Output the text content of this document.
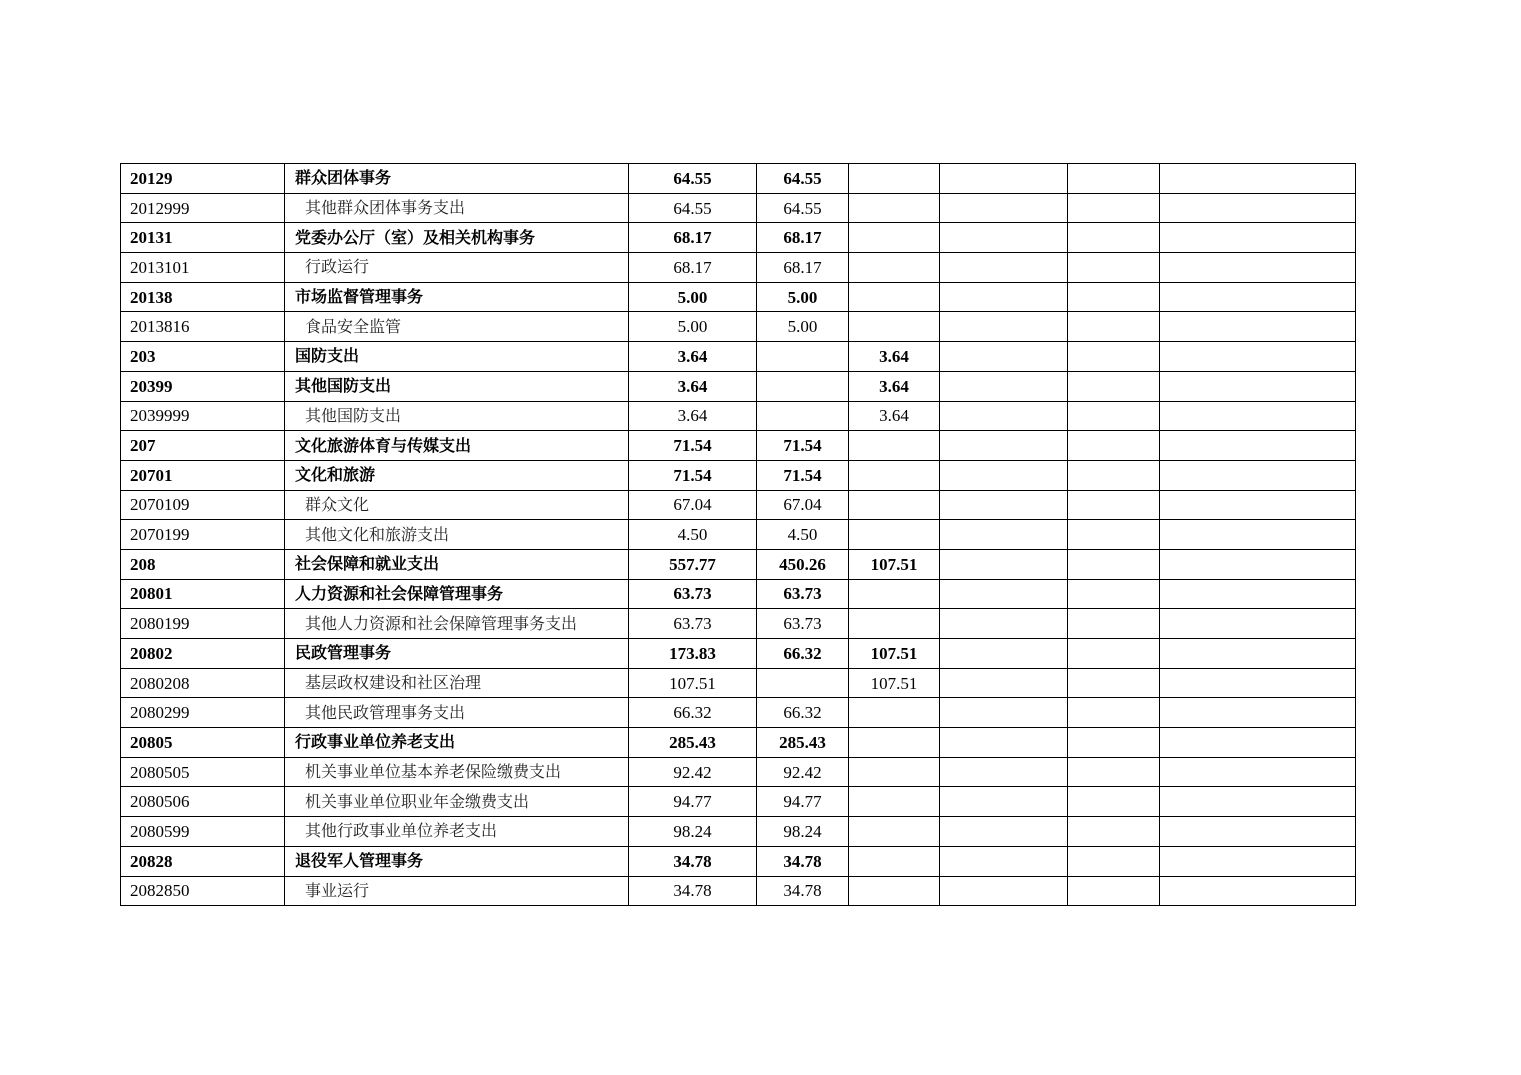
20129	群众团体事务	64.55	64.55				
2012999	其他群众团体事务支出	64.55	64.55				
20131	党委办公厅（室）及相关机构事务	68.17	68.17				
2013101	行政运行	68.17	68.17				
20138	市场监督管理事务	5.00	5.00				
2013816	食品安全监管	5.00	5.00				
203	国防支出	3.64		3.64			
20399	其他国防支出	3.64		3.64			
2039999	其他国防支出	3.64		3.64			
207	文化旅游体育与传媒支出	71.54	71.54				
20701	文化和旅游	71.54	71.54				
2070109	群众文化	67.04	67.04				
2070199	其他文化和旅游支出	4.50	4.50				
208	社会保障和就业支出	557.77	450.26	107.51			
20801	人力资源和社会保障管理事务	63.73	63.73				
2080199	其他人力资源和社会保障管理事务支出	63.73	63.73				
20802	民政管理事务	173.83	66.32	107.51			
2080208	基层政权建设和社区治理	107.51		107.51			
2080299	其他民政管理事务支出	66.32	66.32				
20805	行政事业单位养老支出	285.43	285.43				
2080505	机关事业单位基本养老保险缴费支出	92.42	92.42				
2080506	机关事业单位职业年金缴费支出	94.77	94.77				
2080599	其他行政事业单位养老支出	98.24	98.24				
20828	退役军人管理事务	34.78	34.78				
2082850	事业运行	34.78	34.78				
